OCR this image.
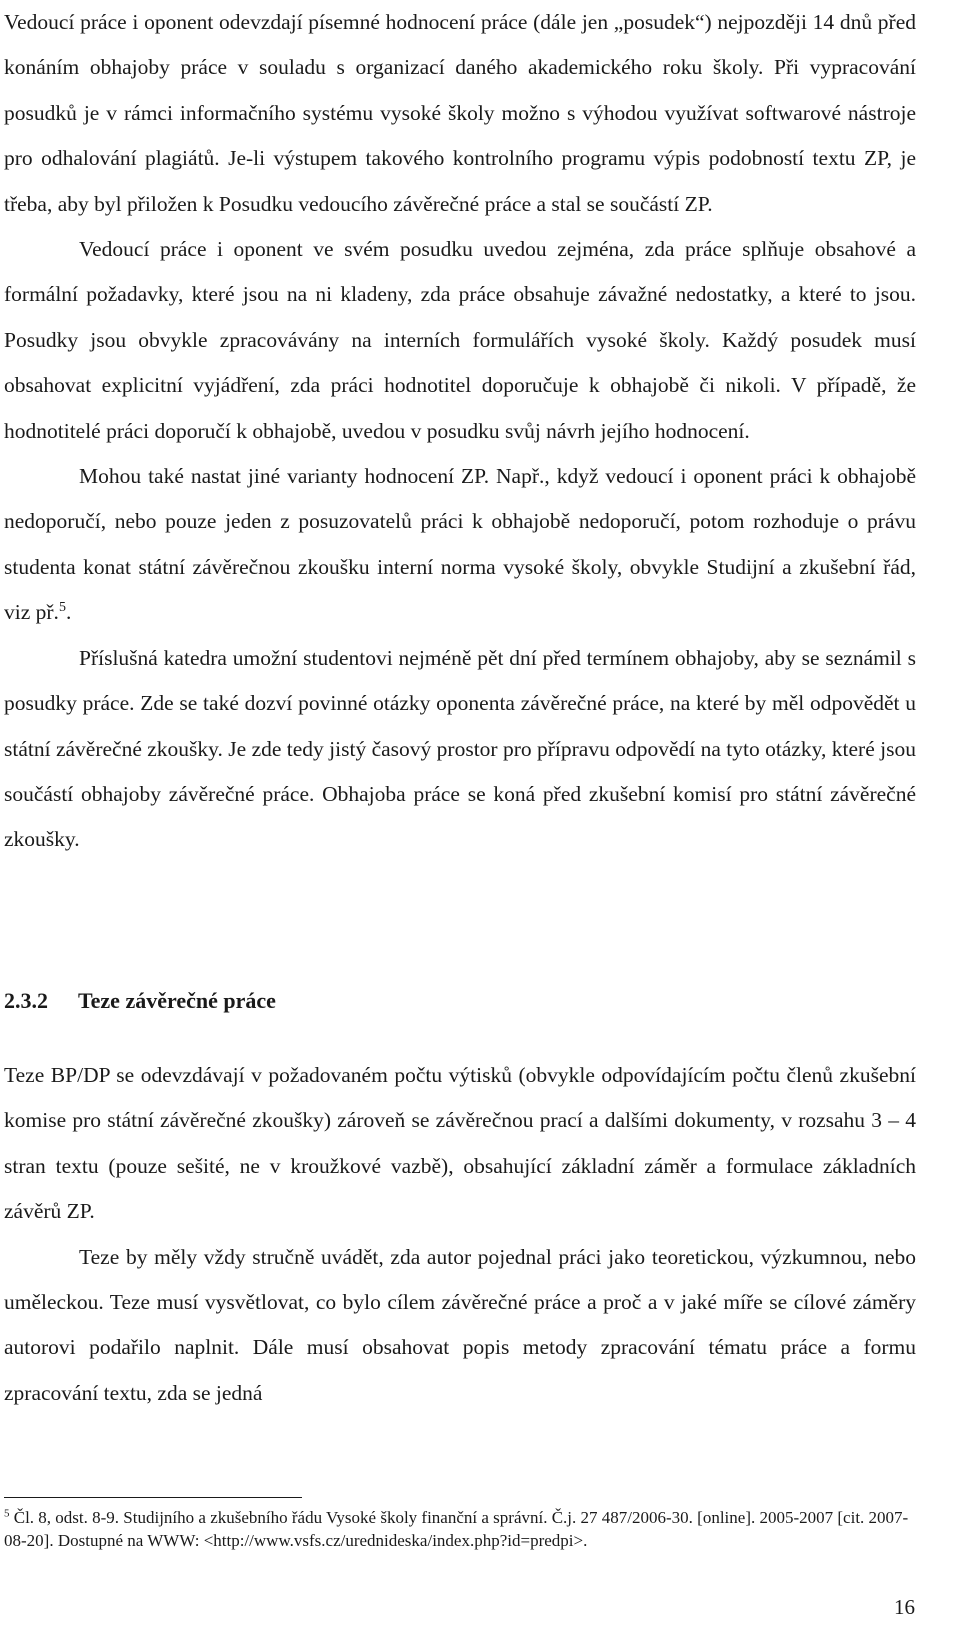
Vedoucí práce i oponent odevzdají písemné hodnocení práce (dále jen „posudek“) nejpozději 14 dnů před konáním obhajoby práce v souladu s organizací daného akademického roku školy. Při vypracování posudků je v rámci informačního systému vysoké školy možno s výhodou využívat softwarové nástroje pro odhalování plagiátů. Je-li výstupem takového kontrolního programu výpis podobností textu ZP, je třeba, aby byl přiložen k Posudku vedoucího závěrečné práce a stal se součástí ZP.

Vedoucí práce i oponent ve svém posudku uvedou zejména, zda práce splňuje obsahové a formální požadavky, které jsou na ni kladeny, zda práce obsahuje závažné nedostatky, a které to jsou. Posudky jsou obvykle zpracovávány na interních formulářích vysoké školy. Každý posudek musí obsahovat explicitní vyjádření, zda práci hodnotitel doporučuje k obhajobě či nikoli. V případě, že hodnotitelé práci doporučí k obhajobě, uvedou v posudku svůj návrh jejího hodnocení.

Mohou také nastat jiné varianty hodnocení ZP. Např., když vedoucí i oponent práci k obhajobě nedoporučí, nebo pouze jeden z posuzovatelů práci k obhajobě nedoporučí, potom rozhoduje o právu studenta konat státní závěrečnou zkoušku interní norma vysoké školy, obvykle Studijní a zkušební řád, viz př.$^5$.

Příslušná katedra umožní studentovi nejméně pět dní před termínem obhajoby, aby se seznámil s posudky práce. Zde se také dozví povinné otázky oponenta závěrečné práce, na které by měl odpovědět u státní závěrečné zkoušky. Je zde tedy jistý časový prostor pro přípravu odpovědí na tyto otázky, které jsou součástí obhajoby závěrečné práce. Obhajoba práce se koná před zkušební komisí pro státní závěrečné zkoušky.

2.3.2 Teze závěrečné práce

Teze BP/DP se odevzdávají v požadovaném počtu výtisků (obvykle odpovídajícím počtu členů zkušební komise pro státní závěrečné zkoušky) zároveň se závěrečnou prací a dalšími dokumenty, v rozsahu 3 – 4 stran textu (pouze sešité, ne v kroužkové vazbě), obsahující základní záměr a formulace základních závěrů ZP.

Teze by měly vždy stručně uvádět, zda autor pojednal práci jako teoretickou, výzkumnou, nebo uměleckou. Teze musí vysvětlovat, co bylo cílem závěrečné práce a proč a v jaké míře se cílové záměry autorovi podařilo naplnit. Dále musí obsahovat popis metody zpracování tématu práce a formu zpracování textu, zda se jedná

$^5$ Čl. 8, odst. 8-9. Studijního a zkušebního řádu Vysoké školy finanční a správní. Č.j. 27 487/2006-30. [online]. 2005-2007 [cit. 2007-08-20]. Dostupné na WWW: <http://www.vsfs.cz/urednideska/index.php?id=predpi>.

16
